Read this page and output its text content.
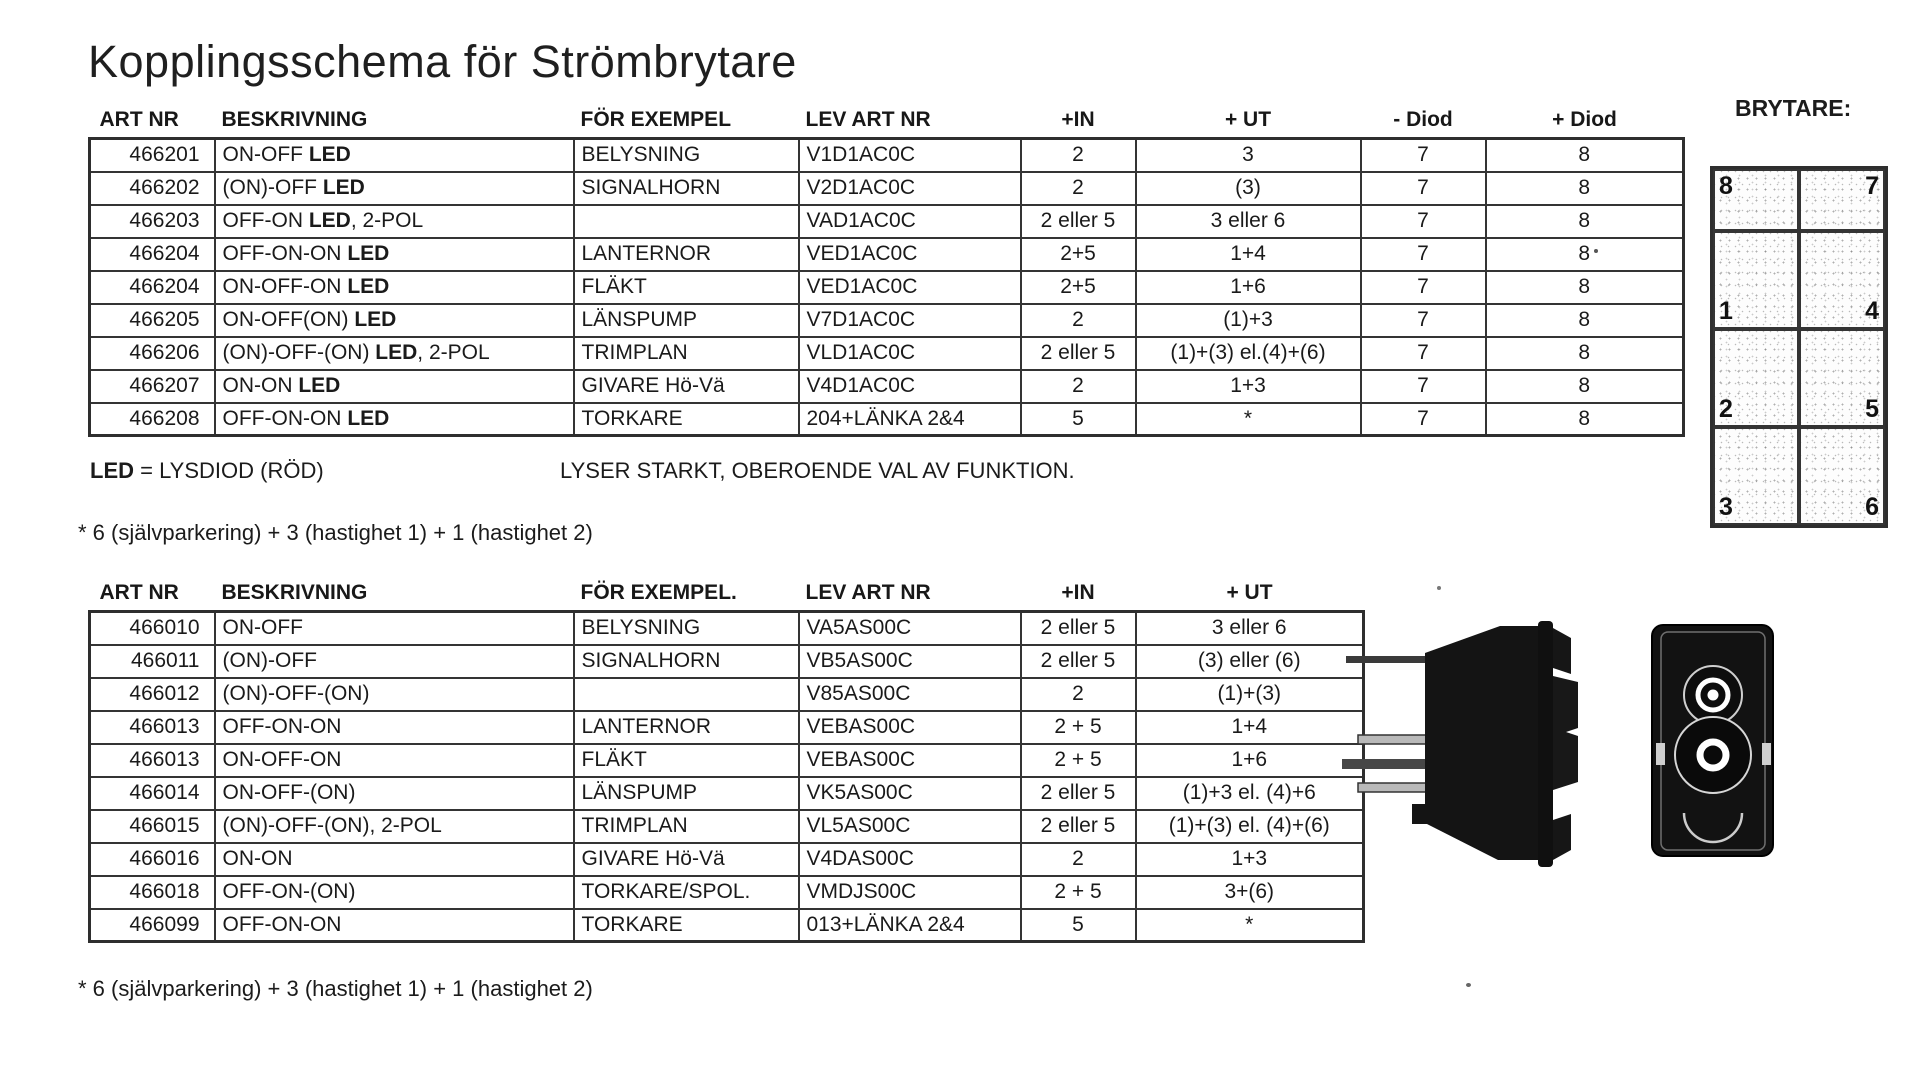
Kopplingsschema för Strömbrytare
ART NR	BESKRIVNING	FÖR EXEMPEL	LEV ART NR	+IN	+ UT	- Diod	+ Diod
466201	ON-OFF LED	BELYSNING	V1D1AC0C	2	3	7	8
466202	(ON)-OFF LED	SIGNALHORN	V2D1AC0C	2	(3)	7	8
466203	OFF-ON LED, 2-POL		VAD1AC0C	2 eller 5	3 eller 6	7	8
466204	OFF-ON-ON LED	LANTERNOR	VED1AC0C	2+5	1+4	7	8
466204	ON-OFF-ON LED	FLÄKT	VED1AC0C	2+5	1+6	7	8
466205	ON-OFF(ON) LED	LÄNSPUMP	V7D1AC0C	2	(1)+3	7	8
466206	(ON)-OFF-(ON) LED, 2-POL	TRIMPLAN	VLD1AC0C	2 eller 5	(1)+(3) el.(4)+(6)	7	8
466207	ON-ON LED	GIVARE Hö-Vä	V4D1AC0C	2	1+3	7	8
466208	OFF-ON-ON LED	TORKARE	204+LÄNKA 2&4	5	*	7	8
LED = LYSDIOD (RÖD)	LYSER STARKT, OBEROENDE VAL AV FUNKTION.
* 6 (självparkering) + 3 (hastighet 1) + 1 (hastighet 2)
ART NR	BESKRIVNING	FÖR EXEMPEL.	LEV ART NR	+IN	+ UT
466010	ON-OFF	BELYSNING	VA5AS00C	2 eller 5	3 eller 6
466011	(ON)-OFF	SIGNALHORN	VB5AS00C	2 eller 5	(3) eller (6)
466012	(ON)-OFF-(ON)		V85AS00C	2	(1)+(3)
466013	OFF-ON-ON	LANTERNOR	VEBAS00C	2 + 5	1+4
466013	ON-OFF-ON	FLÄKT	VEBAS00C	2 + 5	1+6
466014	ON-OFF-(ON)	LÄNSPUMP	VK5AS00C	2 eller 5	(1)+3 el. (4)+6
466015	(ON)-OFF-(ON), 2-POL	TRIMPLAN	VL5AS00C	2 eller 5	(1)+(3) el. (4)+(6)
466016	ON-ON	GIVARE Hö-Vä	V4DAS00C	2	1+3
466018	OFF-ON-(ON)	TORKARE/SPOL.	VMDJS00C	2 + 5	3+(6)
466099	OFF-ON-ON	TORKARE	013+LÄNKA 2&4	5	*
* 6 (självparkering) + 3 (hastighet 1) + 1 (hastighet 2)
BRYTARE:
8	7
1	4
2	5
3	6
